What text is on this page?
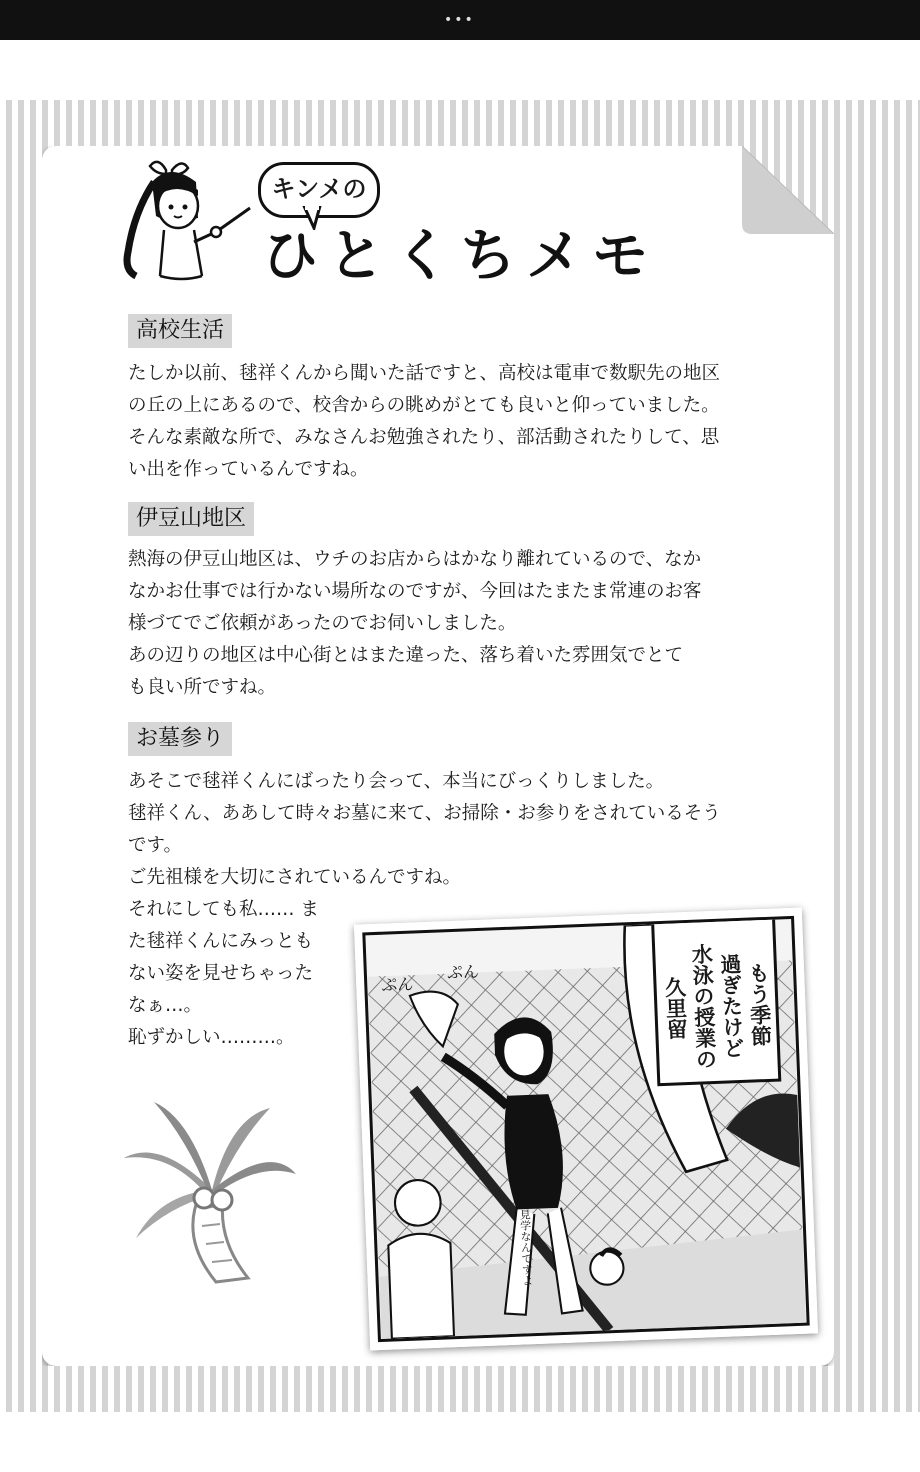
•••
キンメの
ひとくちメモ
高校生活

たしか以前、毬祥くんから聞いた話ですと、高校は電車で数駅先の地区
の丘の上にあるので、校舎からの眺めがとても良いと仰っていました。
そんな素敵な所で、みなさんお勉強されたり、部活動されたりして、思
い出を作っているんですね。

伊豆山地区

熱海の伊豆山地区は、ウチのお店からはかなり離れているので、なか
なかお仕事では行かない場所なのですが、今回はたまたま常連のお客
様づてでご依頼があったのでお伺いしました。
あの辺りの地区は中心街とはまた違った、落ち着いた雰囲気でとて
も良い所ですね。

お墓参り

あそこで毬祥くんにばったり会って、本当にびっくりしました。
毬祥くん、ああして時々お墓に来て、お掃除・お参りをされているそう
です。
ご先祖様を大切にされているんですね。

それにしても私…… ま
た毬祥くんにみっとも
ない姿を見せちゃった
なぁ…。
恥ずかしい………。

ぷん
ぷん
すーごー 見学なんですよ
もう季節
過ぎたけど
水泳の授業の
久里留
